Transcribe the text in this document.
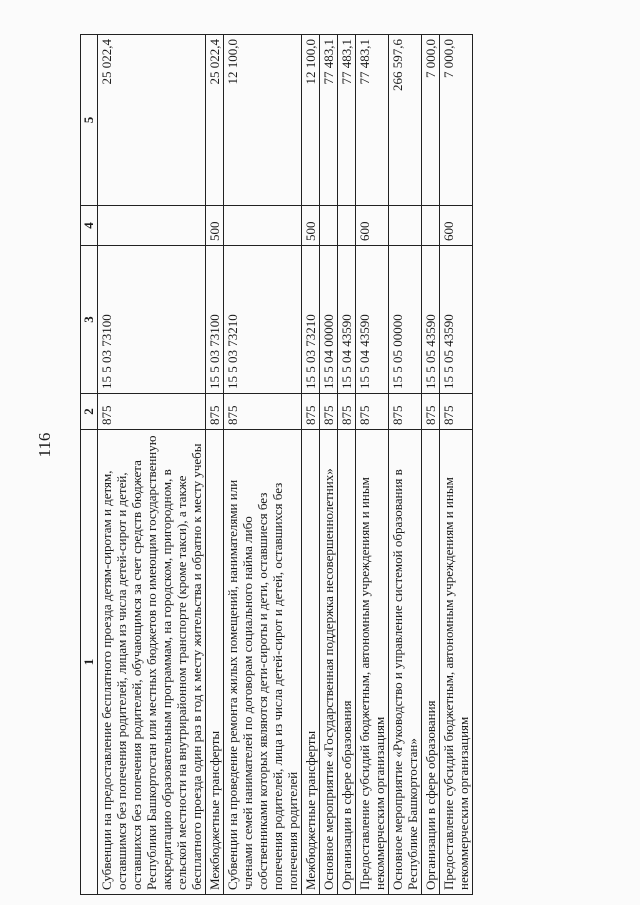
116
1	2	3	4	5
Субвенции на предоставление бесплатного проезда детям-сиротам и детям, оставшимся без попечения родителей, лицам из числа детей-сирот и детей, оставшихся без попечения родителей, обучающимся за счет средств бюджета Республики Башкортостан или местных бюджетов по имеющим государственную аккредитацию образовательным программам, на городском, пригородном, в сельской местности на внутрирайонном транспорте (кроме такси), а также бесплатного проезда один раз в год к месту жительства и обратно к месту учебы	875	15 5 03 73100		25 022,4
Межбюджетные трансферты	875	15 5 03 73100	500	25 022,4
Субвенции на проведение ремонта жилых помещений, нанимателями или членами семей нанимателей по договорам социального найма либо собственниками которых являются дети-сироты и дети, оставшиеся без попечения родителей, лица из числа детей-сирот и детей, оставшихся без попечения родителей	875	15 5 03 73210		12 100,0
Межбюджетные трансферты	875	15 5 03 73210	500	12 100,0
Основное мероприятие «Государственная поддержка несовершеннолетних»	875	15 5 04 00000		77 483,1
Организации в сфере образования	875	15 5 04 43590		77 483,1
Предоставление субсидий бюджетным, автономным учреждениям и иным некоммерческим организациям	875	15 5 04 43590	600	77 483,1
Основное мероприятие «Руководство и управление системой образования в Республике Башкортостан»	875	15 5 05 00000		266 597,6
Организации в сфере образования	875	15 5 05 43590		7 000,0
Предоставление субсидий бюджетным, автономным учреждениям и иным некоммерческим организациям	875	15 5 05 43590	600	7 000,0
